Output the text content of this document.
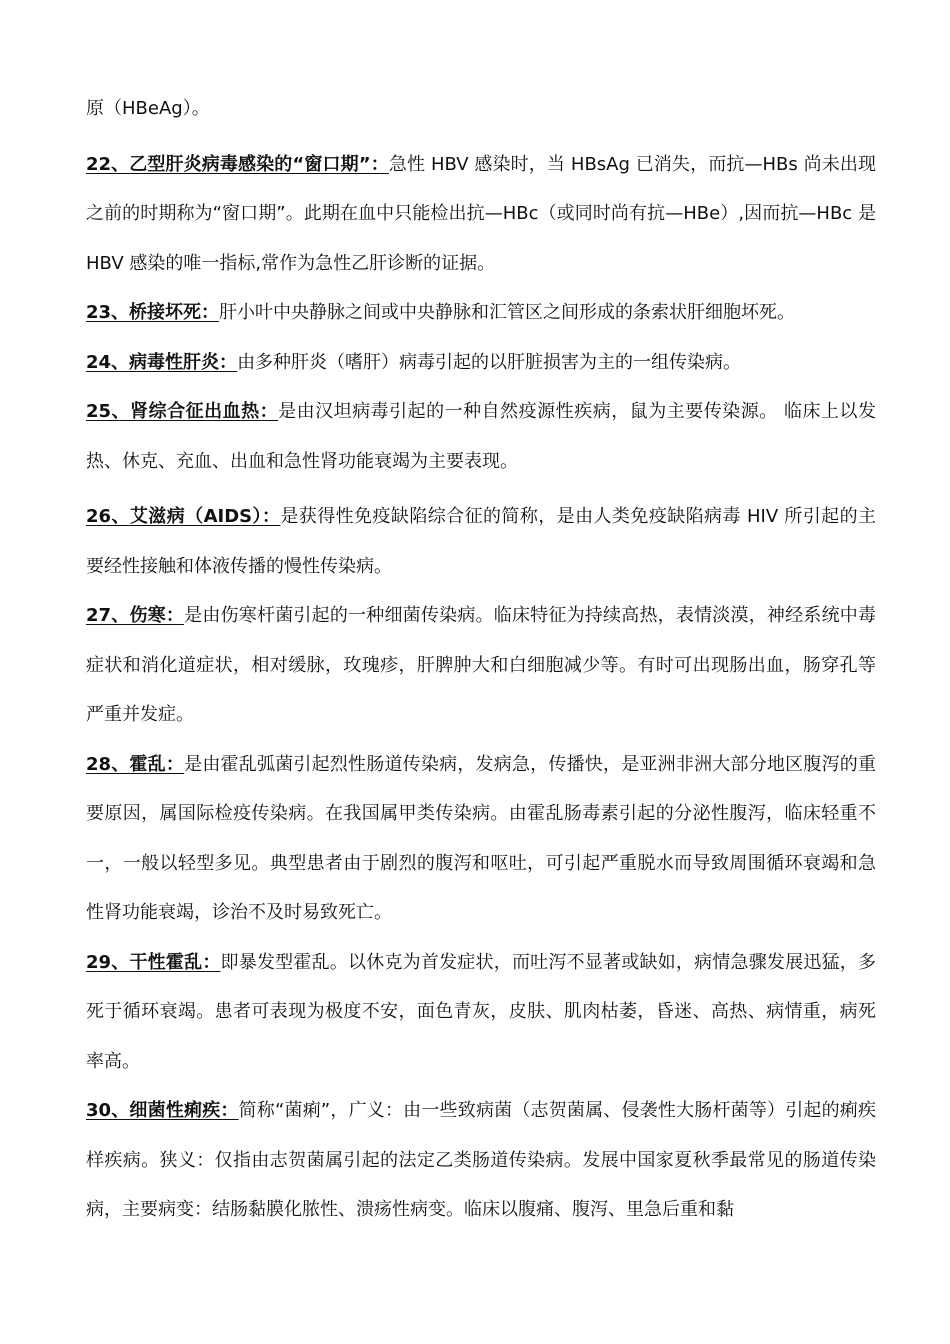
原（HBeAg）。

22、乙型肝炎病毒感染的“窗口期”：急性 HBV 感染时，当 HBsAg 已消失，而抗—HBs 尚未出现之前的时期称为“窗口期”。此期在血中只能检出抗—HBc（或同时尚有抗—HBe）,因而抗—HBc 是 HBV 感染的唯一指标,常作为急性乙肝诊断的证据。

23、桥接坏死：肝小叶中央静脉之间或中央静脉和汇管区之间形成的条索状肝细胞坏死。

24、病毒性肝炎：由多种肝炎（嗜肝）病毒引起的以肝脏损害为主的一组传染病。

25、肾综合征出血热：是由汉坦病毒引起的一种自然疫源性疾病，鼠为主要传染源。 临床上以发热、休克、充血、出血和急性肾功能衰竭为主要表现。

26、艾滋病（AIDS）：是获得性免疫缺陷综合征的简称，是由人类免疫缺陷病毒 HIV 所引起的主要经性接触和体液传播的慢性传染病。

27、伤寒：是由伤寒杆菌引起的一种细菌传染病。临床特征为持续高热，表情淡漠，神经系统中毒症状和消化道症状，相对缓脉，玫瑰疹，肝脾肿大和白细胞减少等。有时可出现肠出血，肠穿孔等严重并发症。

28、霍乱：是由霍乱弧菌引起烈性肠道传染病，发病急，传播快，是亚洲非洲大部分地区腹泻的重要原因，属国际检疫传染病。在我国属甲类传染病。由霍乱肠毒素引起的分泌性腹泻，临床轻重不一，一般以轻型多见。典型患者由于剧烈的腹泻和呕吐，可引起严重脱水而导致周围循环衰竭和急性肾功能衰竭，诊治不及时易致死亡。

29、干性霍乱：即暴发型霍乱。以休克为首发症状，而吐泻不显著或缺如，病情急骤发展迅猛，多死于循环衰竭。患者可表现为极度不安，面色青灰，皮肤、肌肉枯萎，昏迷、高热、病情重，病死率高。

30、细菌性痢疾：简称“菌痢”，广义：由一些致病菌（志贺菌属、侵袭性大肠杆菌等）引起的痢疾样疾病。狭义：仅指由志贺菌属引起的法定乙类肠道传染病。发展中国家夏秋季最常见的肠道传染病，主要病变：结肠黏膜化脓性、溃疡性病变。临床以腹痛、腹泻、里急后重和黏
